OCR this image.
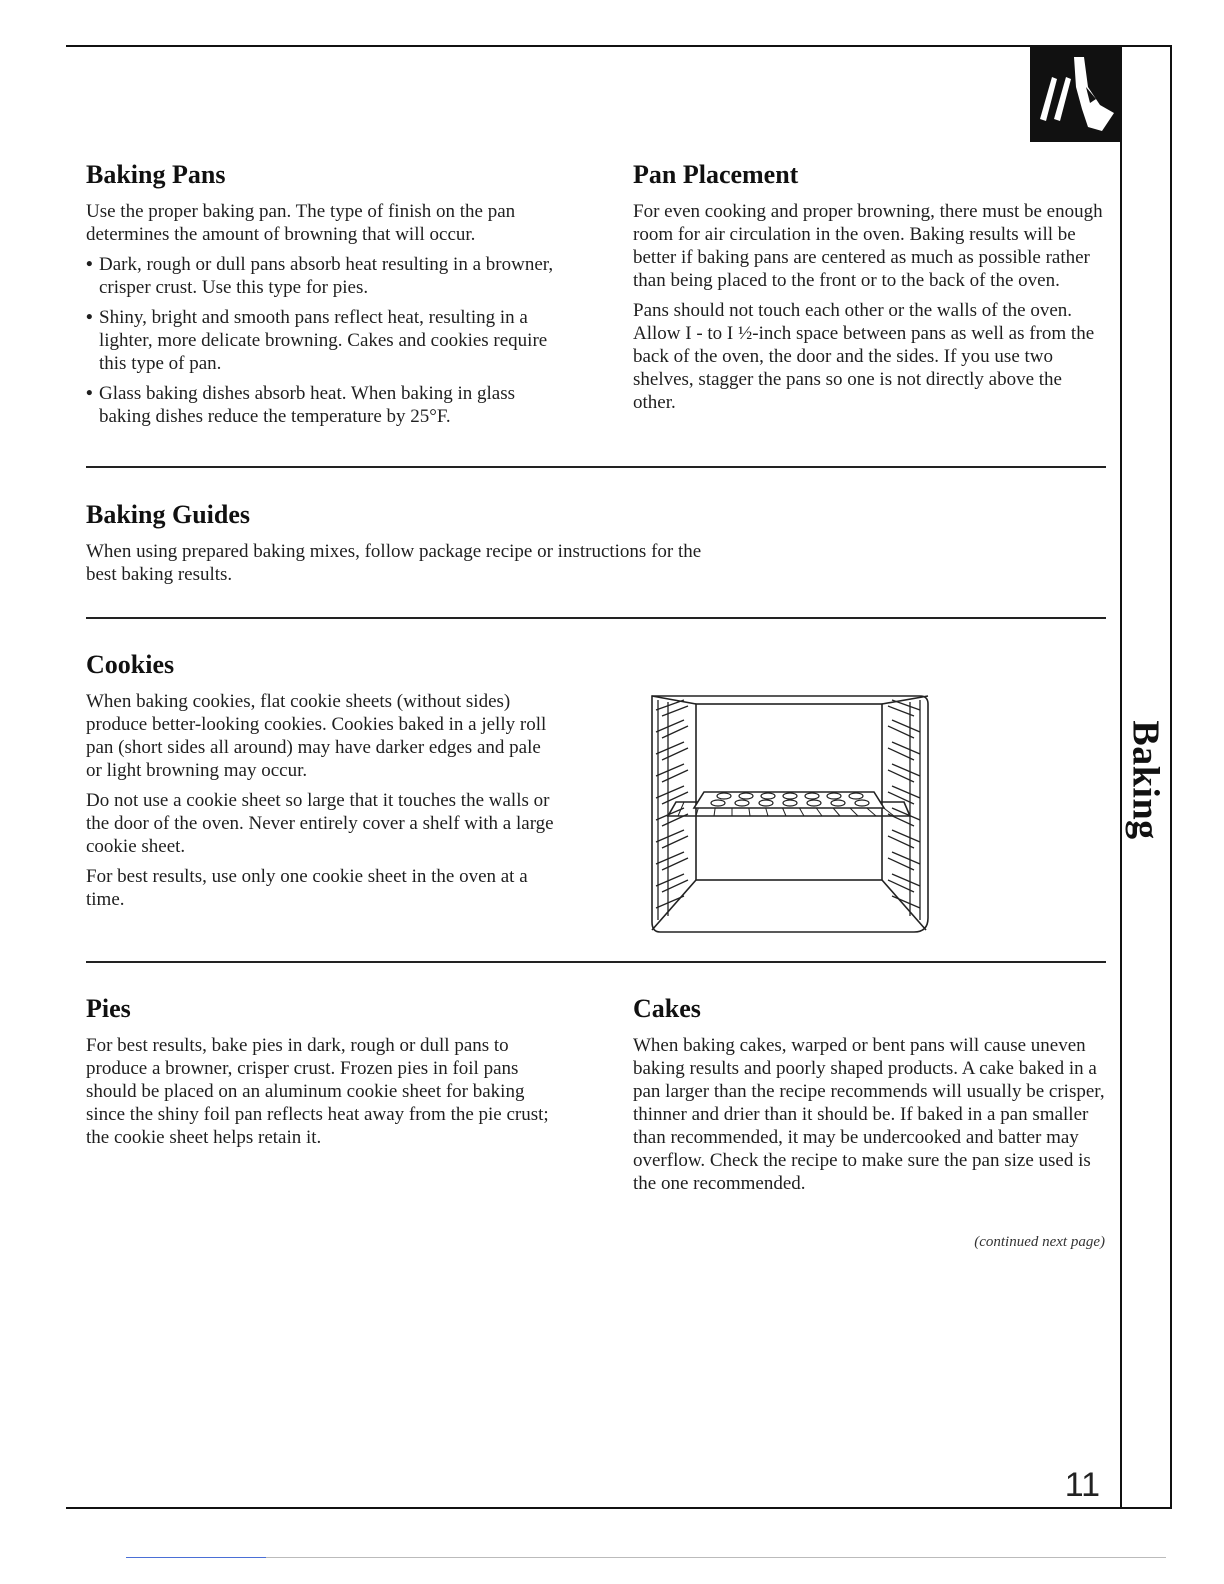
Baking
Baking Pans

Use the proper baking pan. The type of finish on the pan determines the amount of browning that will occur.

• Dark, rough or dull pans absorb heat resulting in a browner, crisper crust. Use this type for pies.
• Shiny, bright and smooth pans reflect heat, resulting in a lighter, more delicate browning. Cakes and cookies require this type of pan.
• Glass baking dishes absorb heat. When baking in glass baking dishes reduce the temperature by 25°F.
Pan Placement

For even cooking and proper browning, there must be enough room for air circulation in the oven. Baking results will be better if baking pans are centered as much as possible rather than being placed to the front or to the back of the oven.

Pans should not touch each other or the walls of the oven. Allow I - to I ½-inch space between pans as well as from the back of the oven, the door and the sides. If you use two shelves, stagger the pans so one is not directly above the other.

Baking Guides

When using prepared baking mixes, follow package recipe or instructions for the best baking results.

Cookies

When baking cookies, flat cookie sheets (without sides) produce better-looking cookies. Cookies baked in a jelly roll pan (short sides all around) may have darker edges and pale or light browning may occur.

Do not use a cookie sheet so large that it touches the walls or the door of the oven. Never entirely cover a shelf with a large cookie sheet.

For best results, use only one cookie sheet in the oven at a time.

Pies

For best results, bake pies in dark, rough or dull pans to produce a browner, crisper crust. Frozen pies in foil pans should be placed on an aluminum cookie sheet for baking since the shiny foil pan reflects heat away from the pie crust; the cookie sheet helps retain it.

Cakes

When baking cakes, warped or bent pans will cause uneven baking results and poorly shaped products. A cake baked in a pan larger than the recipe recommends will usually be crisper, thinner and drier than it should be. If baked in a pan smaller than recommended, it may be undercooked and batter may overflow. Check the recipe to make sure the pan size used is the one recommended.

(continued next page)
11
